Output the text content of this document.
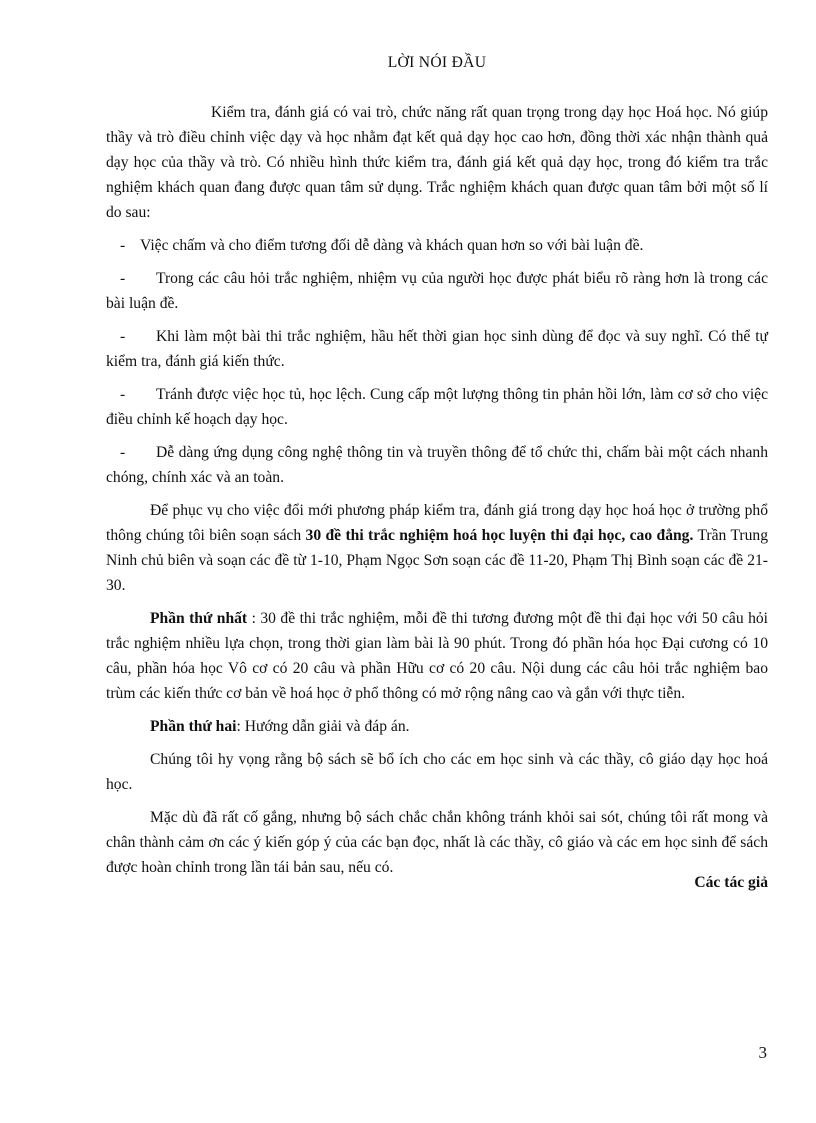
LỜI NÓI ĐẦU

Kiểm tra, đánh giá có vai trò, chức năng rất quan trọng trong dạy học Hoá học. Nó giúp thầy và trò điều chỉnh việc dạy và học nhằm đạt kết quả dạy học cao hơn, đồng thời xác nhận thành quả dạy học của thầy và trò. Có nhiều hình thức kiểm tra, đánh giá kết quả dạy học, trong đó kiểm tra trắc nghiệm khách quan đang được quan tâm sử dụng. Trắc nghiệm khách quan được quan tâm bởi một số lí do sau:

- Việc chấm và cho điểm tương đối dễ dàng và khách quan hơn so với bài luận đề.
- Trong các câu hỏi trắc nghiệm, nhiệm vụ của người học được phát biểu rõ ràng hơn là trong các bài luận đề.
- Khi làm một bài thi trắc nghiệm, hầu hết thời gian học sinh dùng để đọc và suy nghĩ. Có thể tự kiểm tra, đánh giá kiến thức.
- Tránh được việc học tủ, học lệch. Cung cấp một lượng thông tin phản hồi lớn, làm cơ sở cho việc điều chỉnh kế hoạch dạy học.
- Dễ dàng ứng dụng công nghệ thông tin và truyền thông để tổ chức thi, chấm bài một cách nhanh chóng, chính xác và an toàn.

Để phục vụ cho việc đổi mới phương pháp kiểm tra, đánh giá trong dạy học hoá học ở trường phổ thông chúng tôi biên soạn sách 30 đề thi trắc nghiệm hoá học luyện thi đại học, cao đẳng. Trần Trung Ninh chủ biên và soạn các đề từ 1-10, Phạm Ngọc Sơn soạn các đề 11-20, Phạm Thị Bình soạn các đề 21-30.

Phần thứ nhất : 30 đề thi trắc nghiệm, mỗi đề thi tương đương một đề thi đại học với 50 câu hỏi trắc nghiệm nhiều lựa chọn, trong thời gian làm bài là 90 phút. Trong đó phần hóa học Đại cương có 10 câu, phần hóa học Vô cơ có 20 câu và phần Hữu cơ có 20 câu. Nội dung các câu hỏi trắc nghiệm bao trùm các kiến thức cơ bản về hoá học ở phổ thông có mở rộng nâng cao và gắn với thực tiễn.

Phần thứ hai: Hướng dẫn giải và đáp án.

Chúng tôi hy vọng rằng bộ sách sẽ bổ ích cho các em học sinh và các thầy, cô giáo dạy học hoá học.

Mặc dù đã rất cố gắng, nhưng bộ sách chắc chắn không tránh khỏi sai sót, chúng tôi rất mong và chân thành cảm ơn các ý kiến góp ý của các bạn đọc, nhất là các thầy, cô giáo và các em học sinh để sách được hoàn chỉnh trong lần tái bản sau, nếu có.

Các tác giả
3
